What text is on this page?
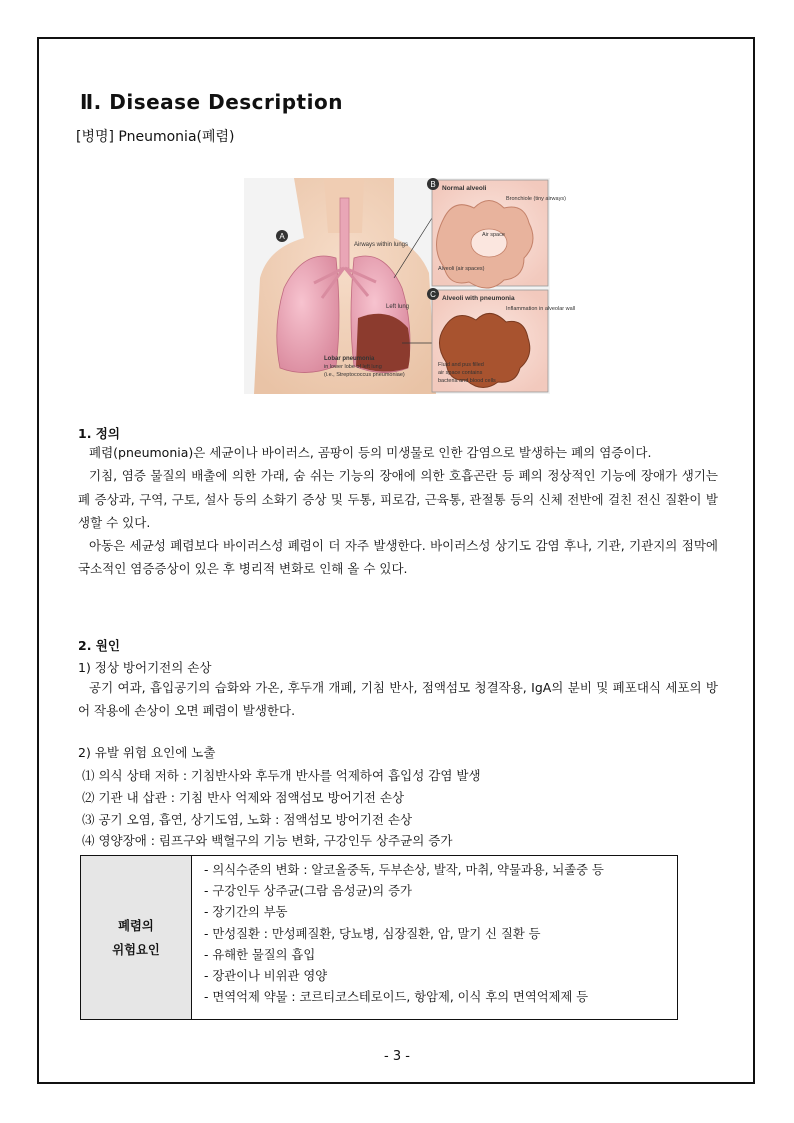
Ⅱ. Disease Description
[병명] Pneumonia(폐렴)
A
Airways within lungs
Left lung
Lobar pneumonia
in lower lobe of left lung
(i.e., Streptococcus pneumoniae)
B Normal alveoli
Bronchiole (tiny airways)
Air space
Alveoli (air spaces)
C Alveoli with pneumonia
Inflammation in alveolar wall
Fluid and pus filled
air space contains
bacteria and blood cells
1. 정의
폐렴(pneumonia)은 세균이나 바이러스, 곰팡이 등의 미생물로 인한 감염으로 발생하는 폐의 염증이다.
기침, 염증 물질의 배출에 의한 가래, 숨 쉬는 기능의 장애에 의한 호흡곤란 등 폐의 정상적인 기능에 장애가 생기는 폐 증상과, 구역, 구토, 설사 등의 소화기 증상 및 두통, 피로감, 근육통, 관절통 등의 신체 전반에 걸친 전신 질환이 발생할 수 있다.
아동은 세균성 폐렴보다 바이러스성 폐렴이 더 자주 발생한다. 바이러스성 상기도 감염 후나, 기관, 기관지의 점막에 국소적인 염증증상이 있은 후 병리적 변화로 인해 올 수 있다.
2. 원인
1) 정상 방어기전의 손상
공기 여과, 흡입공기의 습화와 가온, 후두개 개폐, 기침 반사, 점액섬모 청결작용, IgA의 분비 및 폐포대식 세포의 방어 작용에 손상이 오면 폐렴이 발생한다.
2) 유발 위험 요인에 노출
⑴ 의식 상태 저하 : 기침반사와 후두개 반사를 억제하여 흡입성 감염 발생
⑵ 기관 내 삽관 : 기침 반사 억제와 점액섬모 방어기전 손상
⑶ 공기 오염, 흡연, 상기도염, 노화 : 점액섬모 방어기전 손상
⑷ 영양장애 : 림프구와 백혈구의 기능 변화, 구강인두 상주균의 증가
폐렴의
위험요인

- 의식수준의 변화 : 알코올중독, 두부손상, 발작, 마취, 약물과용, 뇌졸중 등
- 구강인두 상주균(그람 음성균)의 증가
- 장기간의 부동
- 만성질환 : 만성폐질환, 당뇨병, 심장질환, 암, 말기 신 질환 등
- 유해한 물질의 흡입
- 장관이나 비위관 영양
- 면역억제 약물 : 코르티코스테로이드, 항암제, 이식 후의 면역억제제 등
- 3 -
